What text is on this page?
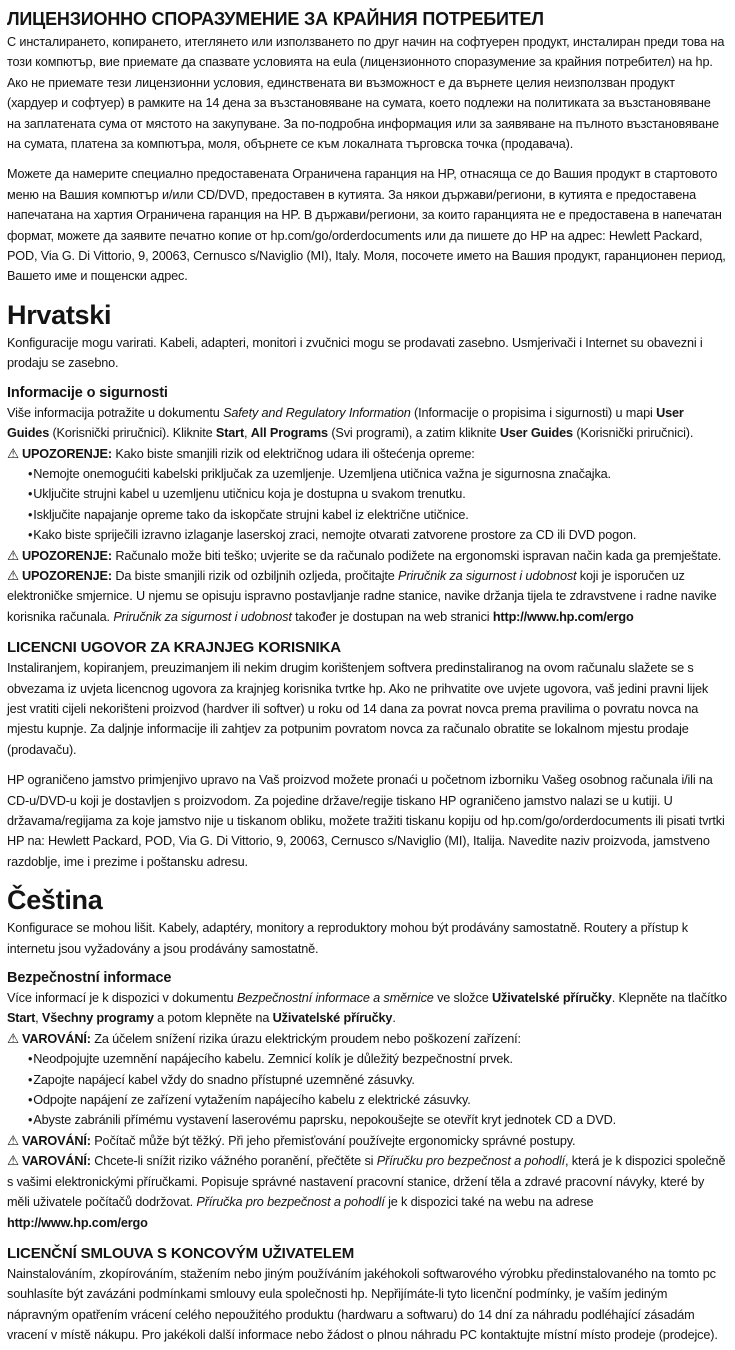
ЛИЦЕНЗИОННО СПОРАЗУМЕНИЕ ЗА КРАЙНИЯ ПОТРЕБИТЕЛ

С инсталирането, копирането, итеглянето или използването по друг начин на софтуерен продукт, инсталиран преди това на този компютър, вие приемате да спазвате условията на eula (лицензионното споразумение за крайния потребител) на hp. Ако не приемате тези лицензионни условия, единствената ви възможност е да върнете целия неизползван продукт (хардуер и софтуер) в рамките на 14 дена за възстановяване на сумата, което подлежи на политиката за възстановяване на заплатената сума от мястото на закупуване. За по-подробна информация или за заявяване на пълното възстановяване на сумата, платена за компютъра, моля, обърнете се към локалната търговска точка (продавача).

Можете да намерите специално предоставената Ограничена гаранция на HP, отнасяща се до Вашия продукт в стартовото меню на Вашия компютър и/или CD/DVD, предоставен в кутията. За някои държави/региони, в кутията е предоставена напечатана на хартия Ограничена гаранция на HP. В държави/региони, за които гаранцията не е предоставена в напечатан формат, можете да заявите печатно копие от hp.com/go/orderdocuments или да пишете до HP на адрес: Hewlett Packard, POD, Via G. Di Vittorio, 9, 20063, Cernusco s/Naviglio (MI), Italy. Моля, посочете името на Вашия продукт, гаранционен период, Вашето име и пощенски адрес.

Hrvatski

Konfiguracije mogu varirati. Kabeli, adapteri, monitori i zvučnici mogu se prodavati zasebno. Usmjerivači i Internet su obavezni i prodaju se zasebno.

Informacije o sigurnosti

Više informacija potražite u dokumentu Safety and Regulatory Information (Informacije o propisima i sigurnosti) u mapi User Guides (Korisnički priručnici). Kliknite Start, All Programs (Svi programi), a zatim kliknite User Guides (Korisnički priručnici).

⚠ UPOZORENJE: Kako biste smanjili rizik od električnog udara ili oštećenja opreme:

•Nemojte onemogućiti kabelski priključak za uzemljenje. Uzemljena utičnica važna je sigurnosna značajka.
•Uključite strujni kabel u uzemljenu utičnicu koja je dostupna u svakom trenutku.
•Isključite napajanje opreme tako da iskopčate strujni kabel iz električne utičnice.
•Kako biste spriječili izravno izlaganje laserskoj zraci, nemojte otvarati zatvorene prostore za CD ili DVD pogon.

⚠ UPOZORENJE: Računalo može biti teško; uvjerite se da računalo podižete na ergonomski ispravan način kada ga premještate.

⚠ UPOZORENJE: Da biste smanjili rizik od ozbiljnih ozljeda, pročitajte Priručnik za sigurnost i udobnost koji je isporučen uz elektroničke smjernice. U njemu se opisuju ispravno postavljanje radne stanice, navike držanja tijela te zdravstvene i radne navike korisnika računala. Priručnik za sigurnost i udobnost također je dostupan na web stranici http://www.hp.com/ergo

LICENCNI UGOVOR ZA KRAJNJEG KORISNIKA

Instaliranjem, kopiranjem, preuzimanjem ili nekim drugim korištenjem softvera predinstaliranog na ovom računalu slažete se s obvezama iz uvjeta licencnog ugovora za krajnjeg korisnika tvrtke hp. Ako ne prihvatite ove uvjete ugovora, vaš jedini pravni lijek jest vratiti cijeli nekorišteni proizvod (hardver ili softver) u roku od 14 dana za povrat novca prema pravilima o povratu novca na mjestu kupnje. Za daljnje informacije ili zahtjev za potpunim povratom novca za računalo obratite se lokalnom mjestu prodaje (prodavaču).

HP ograničeno jamstvo primjenjivo upravo na Vaš proizvod možete pronaći u početnom izborniku Vašeg osobnog računala i/ili na CD-u/DVD-u koji je dostavljen s proizvodom. Za pojedine države/regije tiskano HP ograničeno jamstvo nalazi se u kutiji. U državama/regijama za koje jamstvo nije u tiskanom obliku, možete tražiti tiskanu kopiju od hp.com/go/orderdocuments ili pisati tvrtki HP na: Hewlett Packard, POD, Via G. Di Vittorio, 9, 20063, Cernusco s/Naviglio (MI), Italija. Navedite naziv proizvoda, jamstveno razdoblje, ime i prezime i poštansku adresu.

Čeština

Konfigurace se mohou lišit. Kabely, adaptéry, monitory a reproduktory mohou být prodávány samostatně. Routery a přístup k internetu jsou vyžadovány a jsou prodávány samostatně.

Bezpečnostní informace

Více informací je k dispozici v dokumentu Bezpečnostní informace a směrnice ve složce Uživatelské příručky. Klepněte na tlačítko Start, Všechny programy a potom klepněte na Uživatelské příručky.

⚠ VAROVÁNÍ: Za účelem snížení rizika úrazu elektrickým proudem nebo poškození zařízení:

•Neodpojujte uzemnění napájecího kabelu. Zemnicí kolík je důležitý bezpečnostní prvek.
•Zapojte napájecí kabel vždy do snadno přístupné uzemněné zásuvky.
•Odpojte napájení ze zařízení vytažením napájecího kabelu z elektrické zásuvky.
•Abyste zabránili přímému vystavení laserovému paprsku, nepokoušejte se otevřít kryt jednotek CD a DVD.

⚠ VAROVÁNÍ: Počítač může být těžký. Při jeho přemisťování používejte ergonomicky správné postupy.

⚠ VAROVÁNÍ: Chcete-li snížit riziko vážného poranění, přečtěte si Příručku pro bezpečnost a pohodlí, která je k dispozici společně s vašimi elektronickými příručkami. Popisuje správné nastavení pracovní stanice, držení těla a zdravé pracovní návyky, které by měli uživatele počítačů dodržovat. Příručka pro bezpečnost a pohodlí je k dispozici také na webu na adrese http://www.hp.com/ergo

LICENČNÍ SMLOUVA S KONCOVÝM UŽIVATELEM

Nainstalováním, zkopírováním, stažením nebo jiným používáním jakéhokoli softwarového výrobku předinstalovaného na tomto pc souhlasíte být zavázáni podmínkami smlouvy eula společnosti hp. Nepřijímáte-li tyto licenční podmínky, je vaším jediným nápravným opatřením vrácení celého nepoužitého produktu (hardwaru a softwaru) do 14 dní za náhradu podléhající zásadám vracení v místě nákupu. Pro jakékoli další informace nebo žádost o plnou náhradu PC kontaktujte místní místo prodeje (prodejce).
